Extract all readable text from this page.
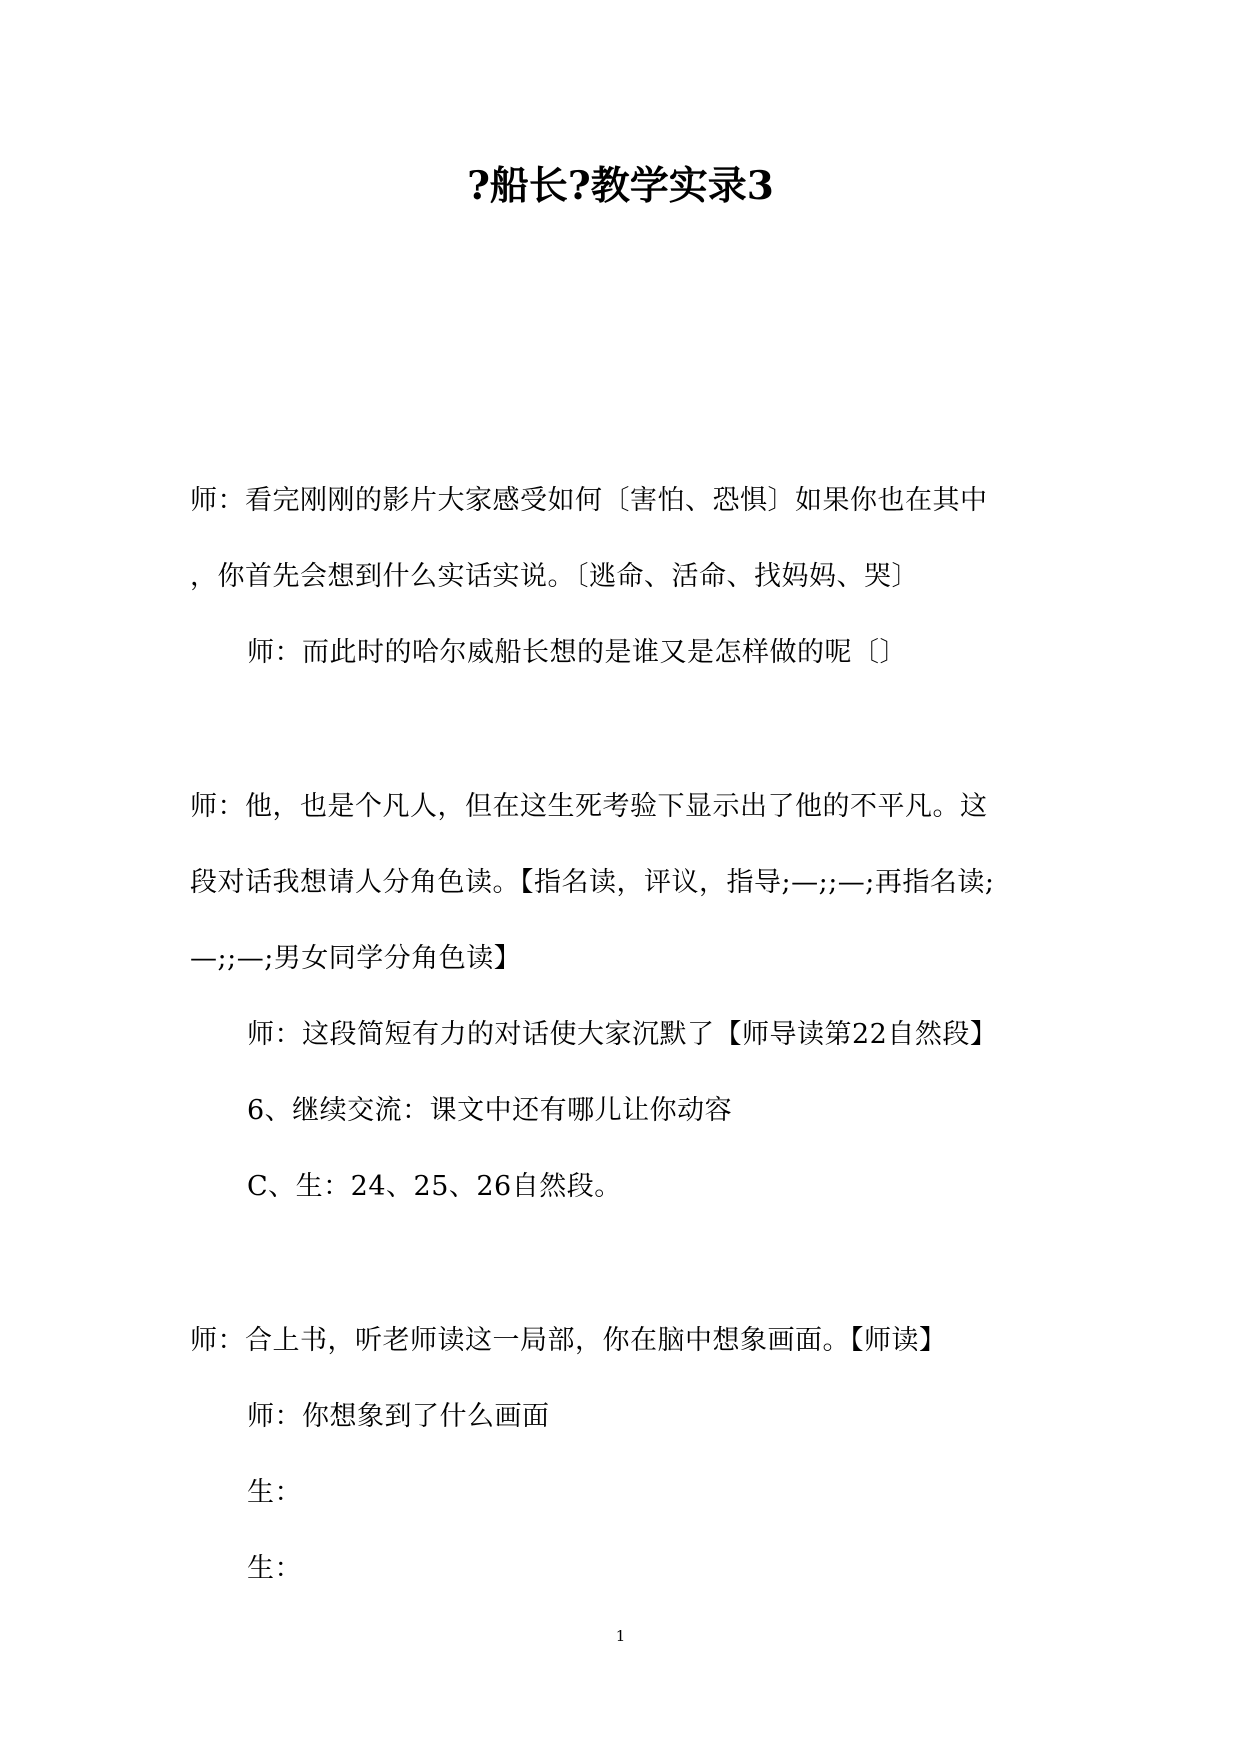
?船长?教学实录3
师：看完刚刚的影片大家感受如何〔害怕、恐惧〕如果你也在其中
，你首先会想到什么实话实说。〔逃命、活命、找妈妈、哭〕
师：而此时的哈尔威船长想的是谁又是怎样做的呢〔〕
师：他，也是个凡人，但在这生死考验下显示出了他的不平凡。这
段对话我想请人分角色读。【指名读，评议，指导;—;;—;再指名读;
—;;—;男女同学分角色读】
师：这段简短有力的对话使大家沉默了【师导读第22自然段】
6、继续交流：课文中还有哪儿让你动容
C、生：24、25、26自然段。
师：合上书，听老师读这一局部，你在脑中想象画面。【师读】
师：你想象到了什么画面
生：
生：
1
